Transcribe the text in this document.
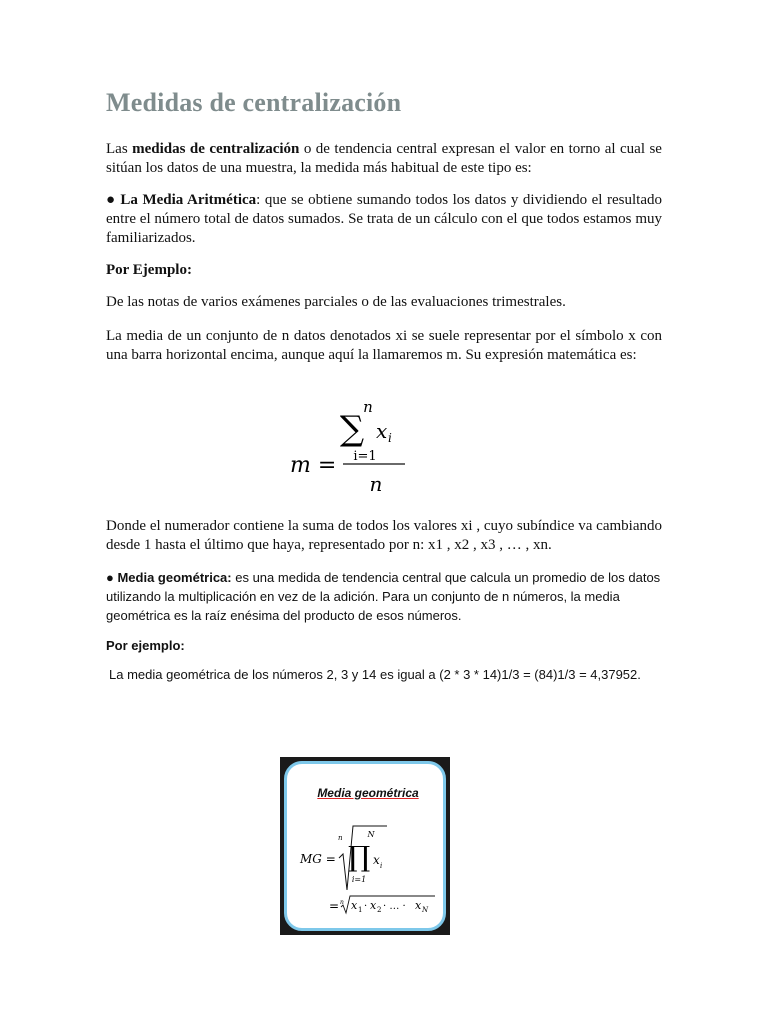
Medidas de centralización

Las medidas de centralización o de tendencia central expresan el valor en torno al cual se sitúan los datos de una muestra, la medida más habitual de este tipo es:

● La Media Aritmética: que se obtiene sumando todos los datos y dividiendo el resultado entre el número total de datos sumados. Se trata de un cálculo con el que todos estamos muy familiarizados.

Por Ejemplo:

De las notas de varios exámenes parciales o de las evaluaciones trimestrales.

La media de un conjunto de n datos denotados xi se suele representar por el símbolo x con una barra horizontal encima, aunque aquí la llamaremos m. Su expresión matemática es:

Donde el numerador contiene la suma de todos los valores xi , cuyo subíndice va cambiando desde 1 hasta el último que haya, representado por n: x1 , x2 , x3 , … , xn.

● Media geométrica: es una medida de tendencia central que calcula un promedio de los datos utilizando la multiplicación en vez de la adición. Para un conjunto de n números, la media geométrica es la raíz enésima del producto de esos números.

Por ejemplo:

La media geométrica de los números 2, 3 y 14 es igual a (2 * 3 * 14)1/3 = (84)1/3 = 4,37952.

n
∑ x i
i=1
m =
n
Media geométrica
MG =
n	N
∏ x i
i=1
= n x 1 · x 2 · … · x N
